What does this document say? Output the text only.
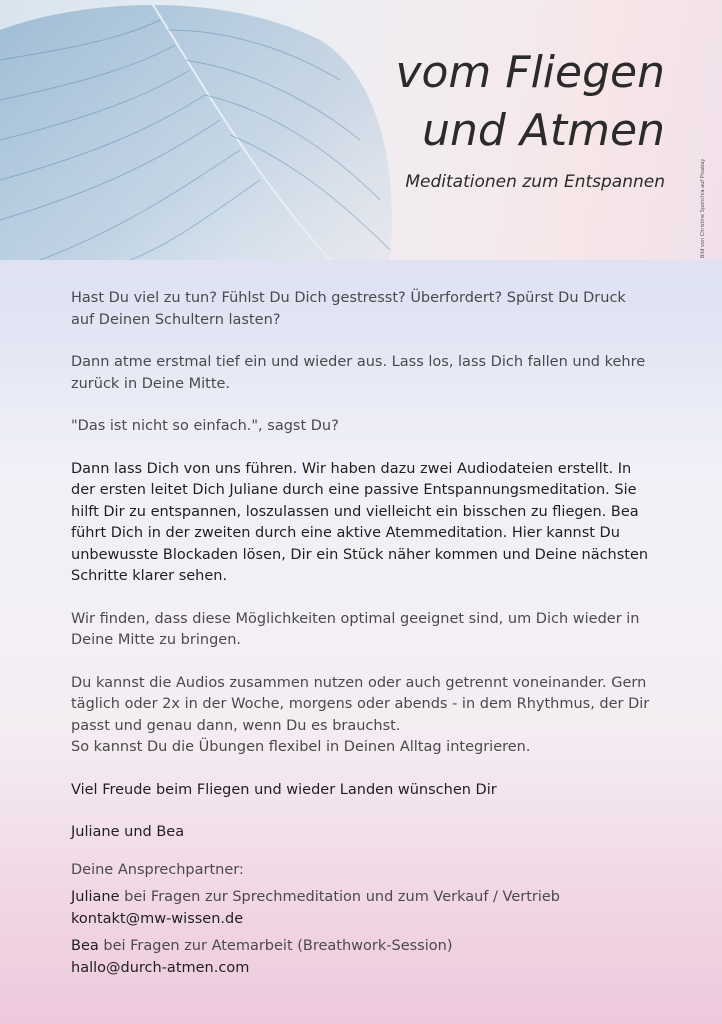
vom Fliegen
und Atmen

Meditationen zum Entspannen	Bild von Christine Sponchia auf Pixabay

Hast Du viel zu tun? Fühlst Du Dich gestresst? Überfordert? Spürst Du Druck auf Deinen Schultern lasten?

Dann atme erstmal tief ein und wieder aus. Lass los, lass Dich fallen und kehre zurück in Deine Mitte.

"Das ist nicht so einfach.", sagst Du?

Dann lass Dich von uns führen. Wir haben dazu zwei Audiodateien erstellt. In der ersten leitet Dich Juliane durch eine passive Entspannungsmeditation. Sie hilft Dir zu entspannen, loszulassen und vielleicht ein bisschen zu fliegen. Bea führt Dich in der zweiten durch eine aktive Atemmeditation. Hier kannst Du unbewusste Blockaden lösen, Dir ein Stück näher kommen und Deine nächsten Schritte klarer sehen.

Wir finden, dass diese Möglichkeiten optimal geeignet sind, um Dich wieder in Deine Mitte zu bringen.

Du kannst die Audios zusammen nutzen oder auch getrennt voneinander. Gern täglich oder 2x in der Woche, morgens oder abends - in dem Rhythmus, der Dir passt und genau dann, wenn Du es brauchst.

So kannst Du die Übungen flexibel in Deinen Alltag integrieren.

Viel Freude beim Fliegen und wieder Landen wünschen Dir

Juliane und Bea

Deine Ansprechpartner:

Juliane bei Fragen zur Sprechmeditation und zum Verkauf / Vertrieb
kontakt@mw-wissen.de
Bea bei Fragen zur Atemarbeit (Breathwork-Session)
hallo@durch-atmen.com
